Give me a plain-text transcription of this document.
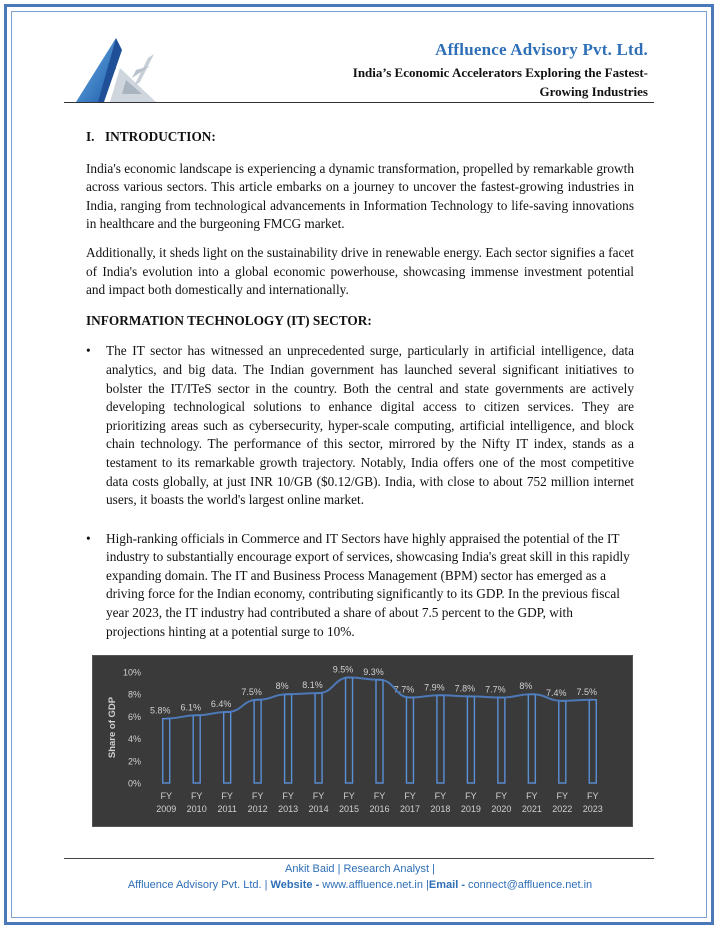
Affluence Advisory Pvt. Ltd.
India’s Economic Accelerators Exploring the Fastest-Growing Industries
I. INTRODUCTION:

India's economic landscape is experiencing a dynamic transformation, propelled by remarkable growth across various sectors. This article embarks on a journey to uncover the fastest-growing industries in India, ranging from technological advancements in Information Technology to life-saving innovations in healthcare and the burgeoning FMCG market.

Additionally, it sheds light on the sustainability drive in renewable energy. Each sector signifies a facet of India's evolution into a global economic powerhouse, showcasing immense investment potential and impact both domestically and internationally.

INFORMATION TECHNOLOGY (IT) SECTOR:
• The IT sector has witnessed an unprecedented surge, particularly in artificial intelligence, data analytics, and big data. The Indian government has launched several significant initiatives to bolster the IT/ITeS sector in the country. Both the central and state governments are actively developing technological solutions to enhance digital access to citizen services. They are prioritizing areas such as cybersecurity, hyper-scale computing, artificial intelligence, and block chain technology. The performance of this sector, mirrored by the Nifty IT index, stands as a testament to its remarkable growth trajectory. Notably, India offers one of the most competitive data costs globally, at just INR 10/GB ($0.12/GB). India, with close to about 752 million internet users, it boasts the world's largest online market.
• High-ranking officials in Commerce and IT Sectors have highly appraised the potential of the IT industry to substantially encourage export of services, showcasing India's great skill in this rapidly expanding domain. The IT and Business Process Management (BPM) sector has emerged as a driving force for the Indian economy, contributing significantly to its GDP. In the previous fiscal year 2023, the IT industry had contributed a share of about 7.5 percent to the GDP, with projections hinting at a potential surge to 10%.
0%
2%
4%
6%
8%
10%
Share of GDP	5.8%
FY
2009
6.1%
FY
2010
6.4%
FY
2011
7.5%
FY
2012
8%
FY
2013
8.1%
FY
2014
9.5%
FY
2015
9.3%
FY
2016
7.7%
FY
2017
7.9%
FY
2018
7.8%
FY
2019
7.7%
FY
2020
8%
FY
2021
7.4%
FY
2022
7.5%
FY
2023
Ankit Baid | Research Analyst |
Affluence Advisory Pvt. Ltd. | Website - www.affluence.net.in |Email - connect@affluence.net.in
